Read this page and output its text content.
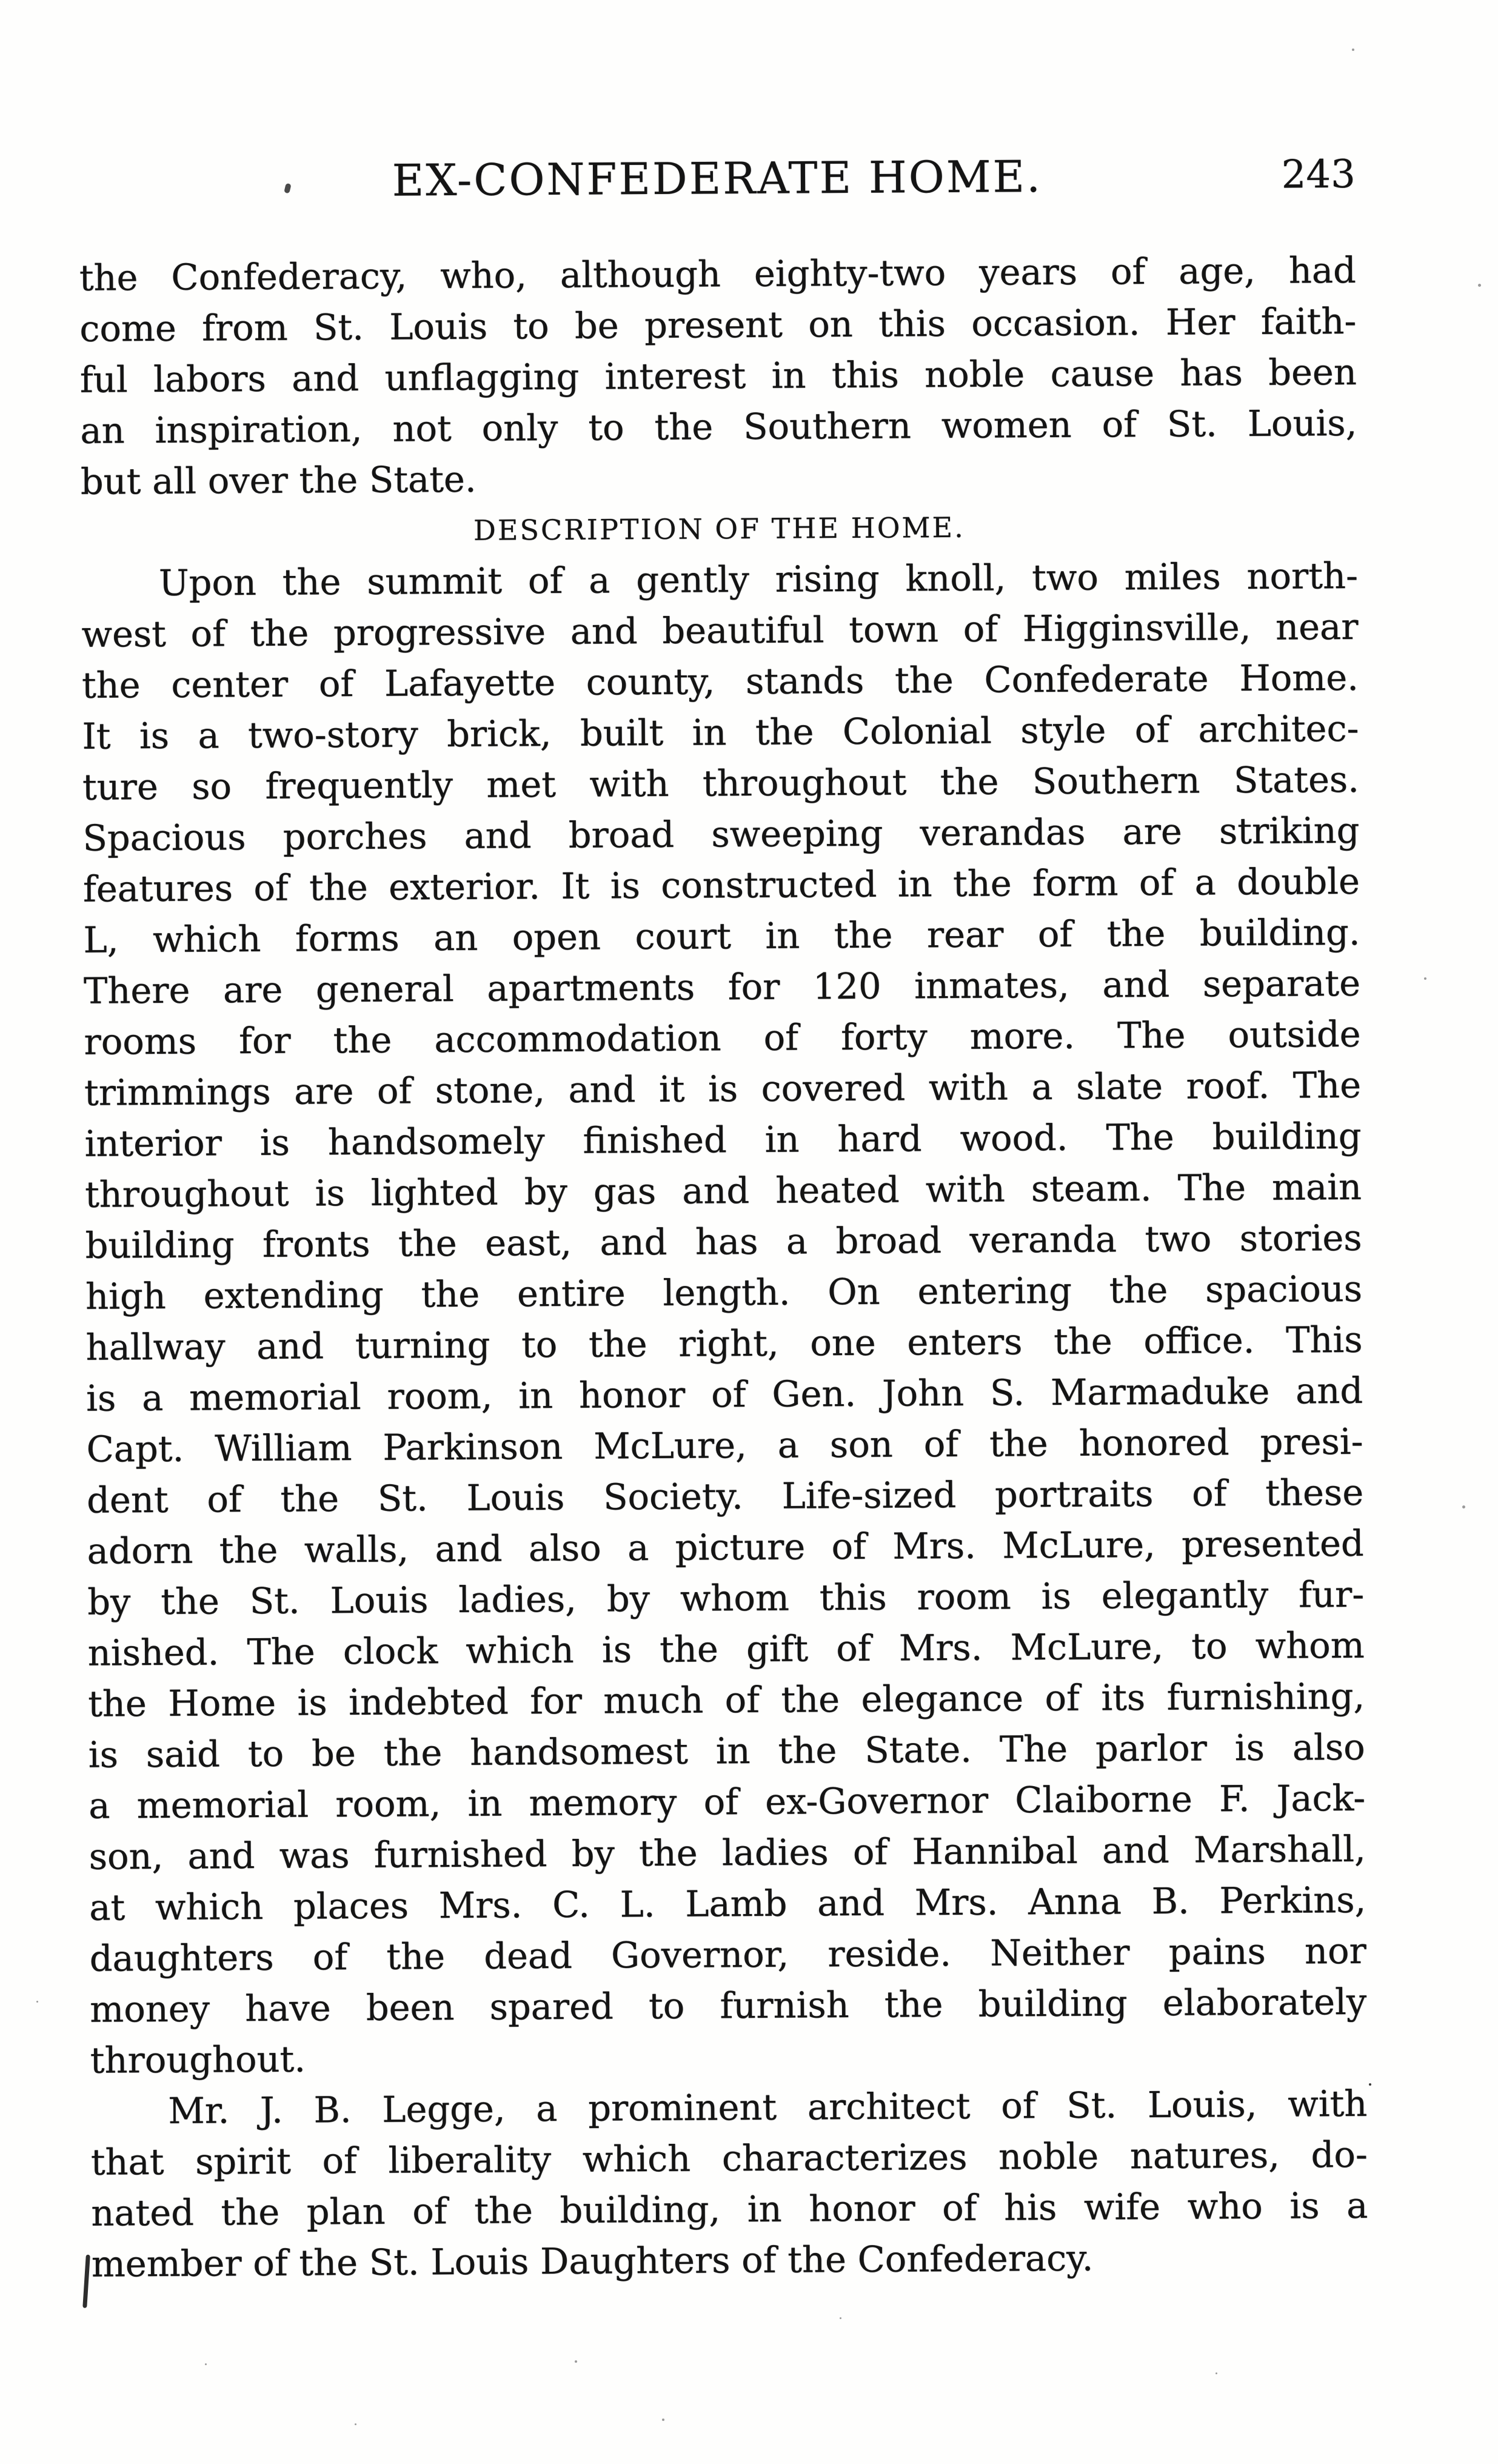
EX-CONFEDERATE HOME.	243
the Confederacy, who, although eighty-two years of age, had
come from St. Louis to be present on this occasion. Her faith-
ful labors and unflagging interest in this noble cause has been
an inspiration, not only to the Southern women of St. Louis,
but all over the State.
DESCRIPTION OF THE HOME.
Upon the summit of a gently rising knoll, two miles north-
west of the progressive and beautiful town of Higginsville, near
the center of Lafayette county, stands the Confederate Home.
It is a two-story brick, built in the Colonial style of architec-
ture so frequently met with throughout the Southern States.
Spacious porches and broad sweeping verandas are striking
features of the exterior. It is constructed in the form of a double
L, which forms an open court in the rear of the building.
There are general apartments for 120 inmates, and separate
rooms for the accommodation of forty more. The outside
trimmings are of stone, and it is covered with a slate roof. The
interior is handsomely finished in hard wood. The building
throughout is lighted by gas and heated with steam. The main
building fronts the east, and has a broad veranda two stories
high extending the entire length. On entering the spacious
hallway and turning to the right, one enters the office. This
is a memorial room, in honor of Gen. John S. Marmaduke and
Capt. William Parkinson McLure, a son of the honored presi-
dent of the St. Louis Society. Life-sized portraits of these
adorn the walls, and also a picture of Mrs. McLure, presented
by the St. Louis ladies, by whom this room is elegantly fur-
nished. The clock which is the gift of Mrs. McLure, to whom
the Home is indebted for much of the elegance of its furnishing,
is said to be the handsomest in the State. The parlor is also
a memorial room, in memory of ex-Governor Claiborne F. Jack-
son, and was furnished by the ladies of Hannibal and Marshall,
at which places Mrs. C. L. Lamb and Mrs. Anna B. Perkins,
daughters of the dead Governor, reside. Neither pains nor
money have been spared to furnish the building elaborately
throughout.
Mr. J. B. Legge, a prominent architect of St. Louis, with
that spirit of liberality which characterizes noble natures, do-
nated the plan of the building, in honor of his wife who is a
member of the St. Louis Daughters of the Confederacy.
